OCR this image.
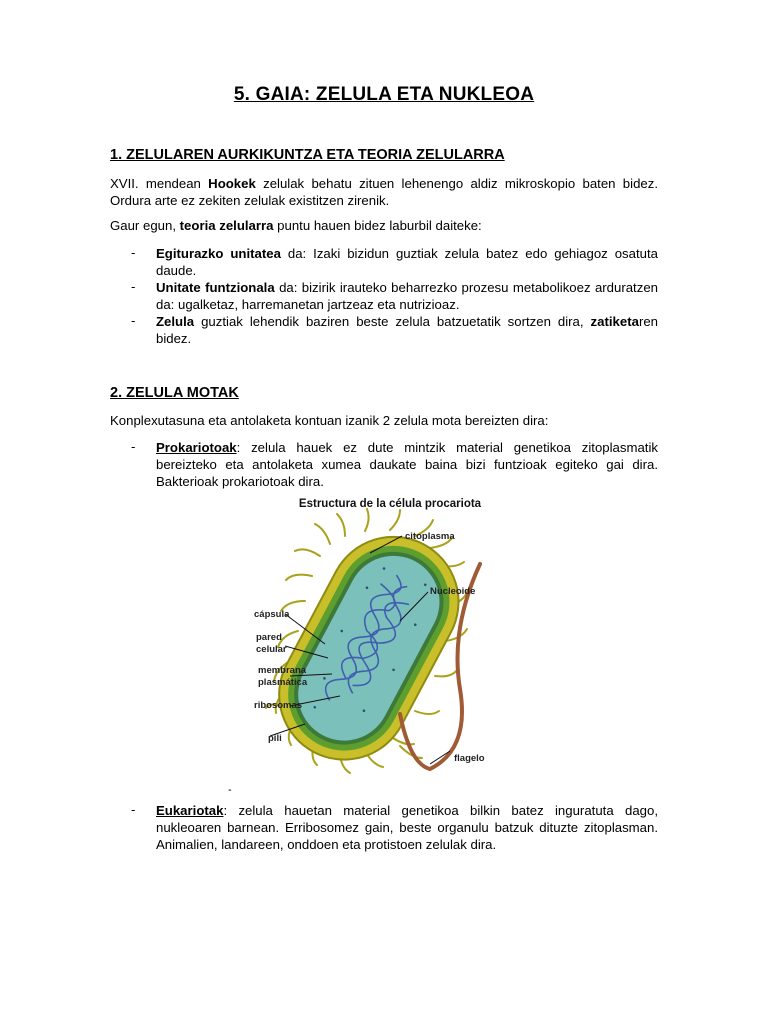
5. GAIA: ZELULA ETA NUKLEOA
1. ZELULAREN AURKIKUNTZA ETA TEORIA ZELULARRA
XVII. mendean Hookek zelulak behatu zituen lehenengo aldiz mikroskopio baten bidez. Ordura arte ez zekiten zelulak existitzen zirenik.
Gaur egun, teoria zelularra puntu hauen bidez laburbil daiteke:
-	Egiturazko unitatea da: Izaki bizidun guztiak zelula batez edo gehiagoz osatuta daude.
-	Unitate funtzionala da: bizirik irauteko beharrezko prozesu metabolikoez arduratzen da: ugalketaz, harremanetan jartzeaz eta nutrizioaz.
-	Zelula guztiak lehendik baziren beste zelula batzuetatik sortzen dira, zatiketaren bidez.
2. ZELULA MOTAK
Konplexutasuna eta antolaketa kontuan izanik 2 zelula mota bereizten dira:
-	Prokariotoak: zelula hauek ez dute mintzik material genetikoa zitoplasmatik bereizteko eta antolaketa xumea daukate baina bizi funtzioak egiteko gai dira. Bakterioak prokariotoak dira.
Estructura de la célula procariota
citoplasma
Nucleoide
cápsula
pared
celular
membrana
plasmática
ribosomas
pili
flagelo
-
-	Eukariotak: zelula hauetan material genetikoa bilkin batez inguratuta dago, nukleoaren barnean. Erribosomez gain, beste organulu batzuk dituzte zitoplasman. Animalien, landareen, onddoen eta protistoen zelulak dira.
